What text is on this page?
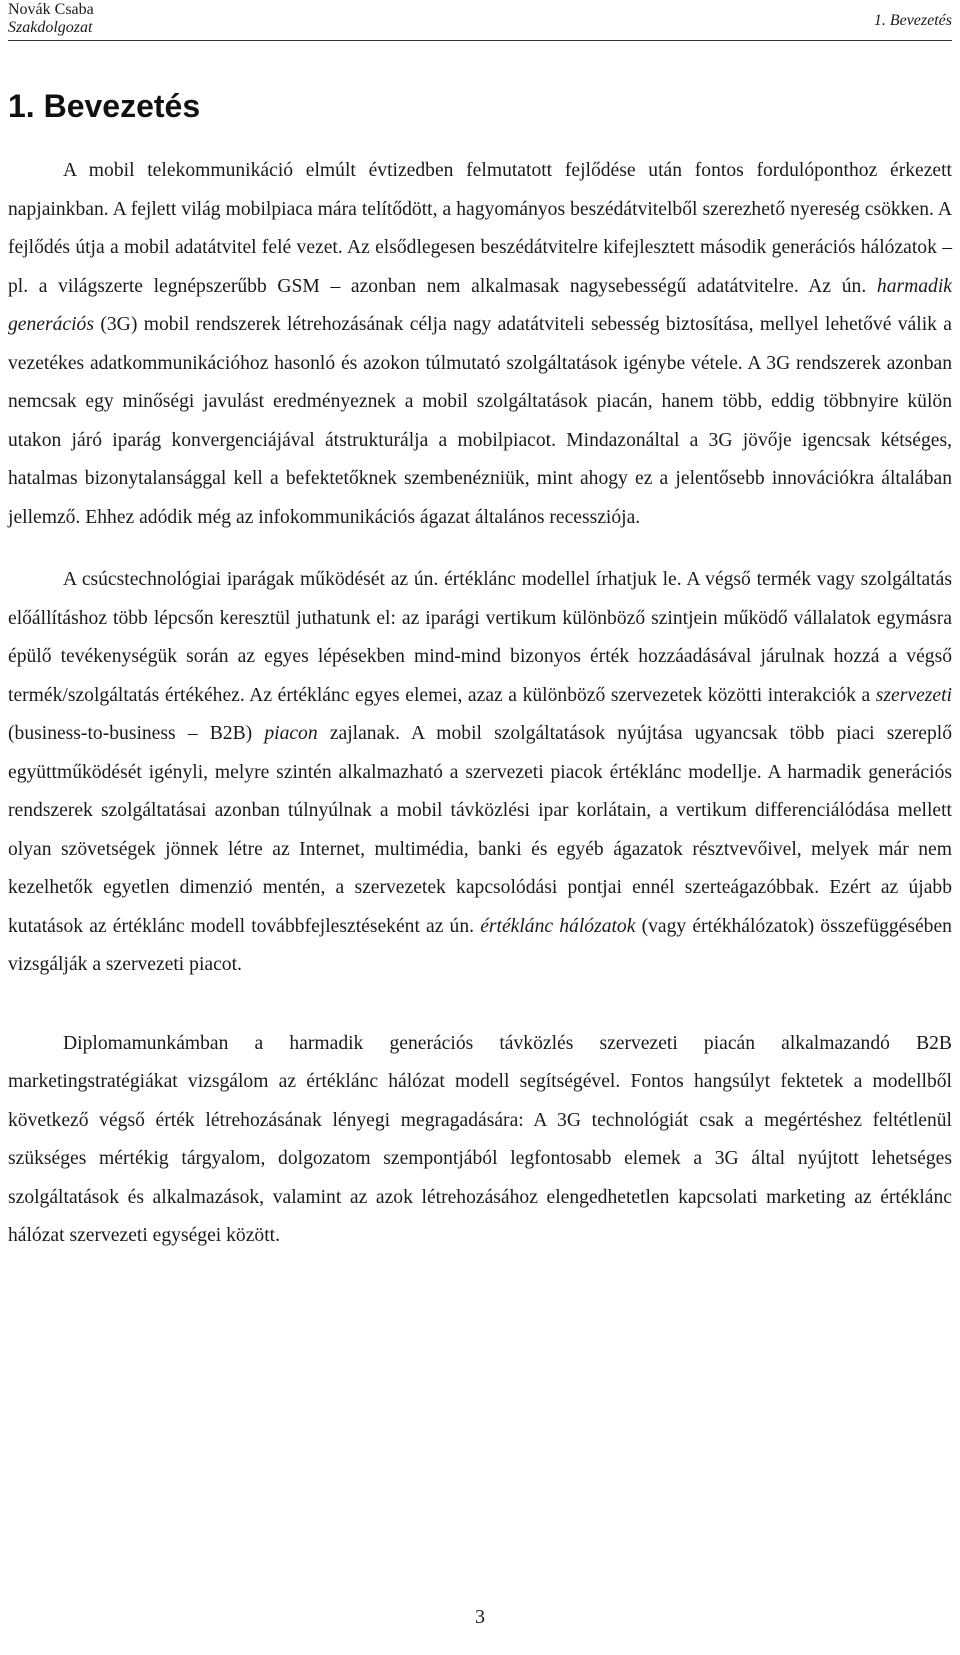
Novák Csaba
Szakdolgozat	1. Bevezetés
1. Bevezetés

A mobil telekommunikáció elmúlt évtizedben felmutatott fejlődése után fontos fordulóponthoz érkezett napjainkban. A fejlett világ mobilpiaca mára telítődött, a hagyományos beszédátvitelből szerezhető nyereség csökken. A fejlődés útja a mobil adatátvitel felé vezet. Az elsődlegesen beszédátvitelre kifejlesztett második generációs hálózatok – pl. a világszerte legnépszerűbb GSM – azonban nem alkalmasak nagysebességű adatátvitelre. Az ún. harmadik generációs (3G) mobil rendszerek létrehozásának célja nagy adatátviteli sebesség biztosítása, mellyel lehetővé válik a vezetékes adatkommunikációhoz hasonló és azokon túlmutató szolgáltatások igénybe vétele. A 3G rendszerek azonban nemcsak egy minőségi javulást eredményeznek a mobil szolgáltatások piacán, hanem több, eddig többnyire külön utakon járó iparág konvergenciájával átstrukturálja a mobilpiacot. Mindazonáltal a 3G jövője igencsak kétséges, hatalmas bizonytalansággal kell a befektetőknek szembenézniük, mint ahogy ez a jelentősebb innovációkra általában jellemző. Ehhez adódik még az infokommunikációs ágazat általános recessziója.

A csúcstechnológiai iparágak működését az ún. értéklánc modellel írhatjuk le. A végső termék vagy szolgáltatás előállításhoz több lépcsőn keresztül juthatunk el: az iparági vertikum különböző szintjein működő vállalatok egymásra épülő tevékenységük során az egyes lépésekben mind-mind bizonyos érték hozzáadásával járulnak hozzá a végső termék/szolgáltatás értékéhez. Az értéklánc egyes elemei, azaz a különböző szervezetek közötti interakciók a szervezeti (business-to-business – B2B) piacon zajlanak. A mobil szolgáltatások nyújtása ugyancsak több piaci szereplő együttműködését igényli, melyre szintén alkalmazható a szervezeti piacok értéklánc modellje. A harmadik generációs rendszerek szolgáltatásai azonban túlnyúlnak a mobil távközlési ipar korlátain, a vertikum differenciálódása mellett olyan szövetségek jönnek létre az Internet, multimédia, banki és egyéb ágazatok résztvevőivel, melyek már nem kezelhetők egyetlen dimenzió mentén, a szervezetek kapcsolódási pontjai ennél szerteágazóbbak. Ezért az újabb kutatások az értéklánc modell továbbfejlesztéseként az ún. értéklánc hálózatok (vagy értékhálózatok) összefüggésében vizsgálják a szervezeti piacot.

Diplomamunkámban a harmadik generációs távközlés szervezeti piacán alkalmazandó B2B marketingstratégiákat vizsgálom az értéklánc hálózat modell segítségével. Fontos hangsúlyt fektetek a modellből következő végső érték létrehozásának lényegi megragadására: A 3G technológiát csak a megértéshez feltétlenül szükséges mértékig tárgyalom, dolgozatom szempontjából legfontosabb elemek a 3G által nyújtott lehetséges szolgáltatások és alkalmazások, valamint az azok létrehozásához elengedhetetlen kapcsolati marketing az értéklánc hálózat szervezeti egységei között.

3
